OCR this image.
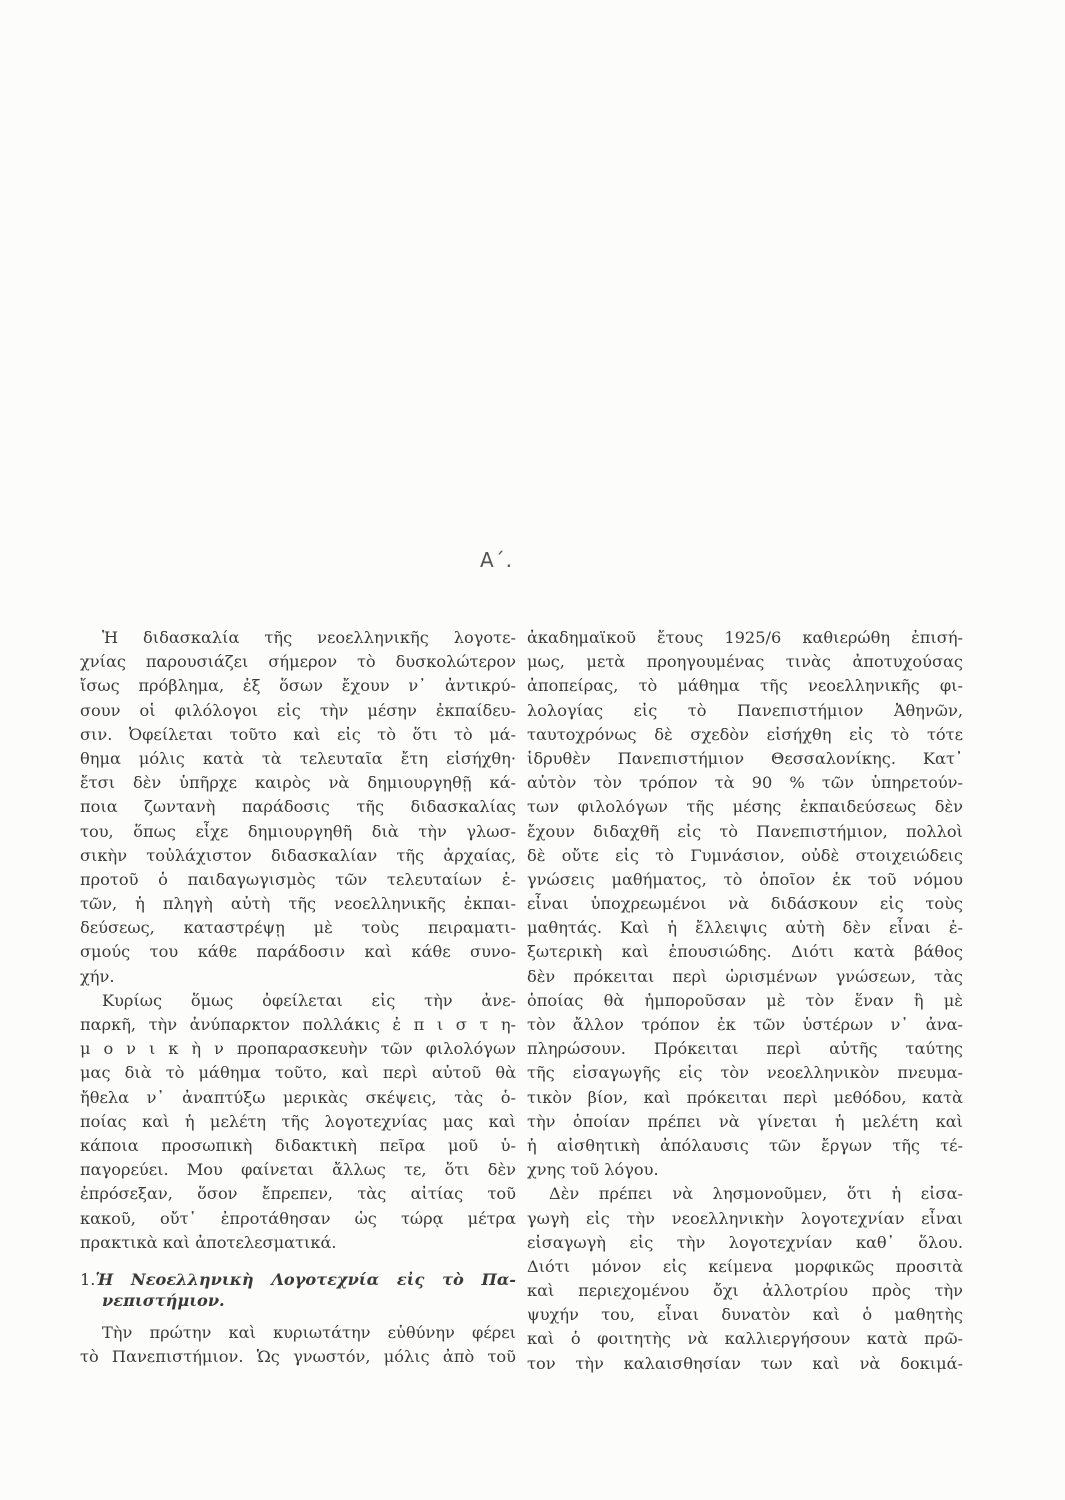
Α΄.
Ἡ διδασκαλία τῆς νεοελληνικῆς λογοτε-
χνίας παρουσιάζει σήμερον τὸ δυσκολώτερον
ἴσως πρόβλημα, ἐξ ὅσων ἔχουν ν᾽ ἀντικρύ-
σουν οἱ φιλόλογοι εἰς τὴν μέσην ἐκπαίδευ-
σιν. Ὀφείλεται τοῦτο καὶ εἰς τὸ ὅτι τὸ μά-
θημα μόλις κατὰ τὰ τελευταῖα ἔτη εἰσήχθη·
ἔτσι δὲν ὑπῆρχε καιρὸς νὰ δημιουργηθῇ κά-
ποια ζωντανὴ παράδοσις τῆς διδασκαλίας
του, ὅπως εἶχε δημιουργηθῆ διὰ τὴν γλωσ-
σικὴν τοὐλάχιστον διδασκαλίαν τῆς ἀρχαίας,
προτοῦ ὁ παιδαγωγισμὸς τῶν τελευταίων ἐ-
τῶν, ἡ πληγὴ αὐτὴ τῆς νεοελληνικῆς ἐκπαι-
δεύσεως, καταστρέψῃ μὲ τοὺς πειραματι-
σμούς του κάθε παράδοσιν καὶ κάθε συνο-
χήν.
Κυρίως ὅμως ὀφείλεται εἰς τὴν ἀνε-
παρκῆ, τὴν ἀνύπαρκτον πολλάκις ἐ π ι σ τ η-
μ ο ν ι κ ὴ ν προπαρασκευὴν τῶν φιλολόγων
μας διὰ τὸ μάθημα τοῦτο, καὶ περὶ αὐτοῦ θὰ
ἤθελα ν᾽ ἀναπτύξω μερικὰς σκέψεις, τὰς ὁ-
ποίας καὶ ἡ μελέτη τῆς λογοτεχνίας μας καὶ
κάποια προσωπικὴ διδακτικὴ πεῖρα μοῦ ὑ-
παγορεύει. Μου φαίνεται ἄλλως τε, ὅτι δὲν
ἐπρόσεξαν, ὅσον ἔπρεπεν, τὰς αἰτίας τοῦ
κακοῦ, οὔτ᾽ ἐπροτάθησαν ὡς τώρᾳ μέτρα
πρακτικὰ καὶ ἀποτελεσματικά.
1.Ἡ Νεοελληνικὴ Λογοτεχνία εἰς τὸ Πα-
νεπιστήμιον.
Τὴν πρώτην καὶ κυριωτάτην εὐθύνην φέρει
τὸ Πανεπιστήμιον. Ὡς γνωστόν, μόλις ἀπὸ τοῦ
ἀκαδημαϊκοῦ ἔτους 1925/6 καθιερώθη ἐπισή-
μως, μετὰ προηγουμένας τινὰς ἀποτυχούσας
ἀποπείρας, τὸ μάθημα τῆς νεοελληνικῆς φι-
λολογίας εἰς τὸ Πανεπιστήμιον Ἀθηνῶν,
ταυτοχρόνως δὲ σχεδὸν εἰσήχθη εἰς τὸ τότε
ἱδρυθὲν Πανεπιστήμιον Θεσσαλονίκης. Κατ᾽
αὐτὸν τὸν τρόπον τὰ 90 % τῶν ὑπηρετούν-
των φιλολόγων τῆς μέσης ἐκπαιδεύσεως δὲν
ἔχουν διδαχθῆ εἰς τὸ Πανεπιστήμιον, πολλοὶ
δὲ οὔτε εἰς τὸ Γυμνάσιον, οὐδὲ στοιχειώδεις
γνώσεις μαθήματος, τὸ ὁποῖον ἐκ τοῦ νόμου
εἶναι ὑποχρεωμένοι νὰ διδάσκουν εἰς τοὺς
μαθητάς. Καὶ ἡ ἔλλειψις αὐτὴ δὲν εἶναι ἐ-
ξωτερικὴ καὶ ἐπουσιώδης. Διότι κατὰ βάθος
δὲν πρόκειται περὶ ὡρισμένων γνώσεων, τὰς
ὁποίας θὰ ἠμποροῦσαν μὲ τὸν ἕναν ἢ μὲ
τὸν ἄλλον τρόπον ἐκ τῶν ὑστέρων ν᾽ ἀνα-
πληρώσουν. Πρόκειται περὶ αὐτῆς ταύτης
τῆς εἰσαγωγῆς εἰς τὸν νεοελληνικὸν πνευμα-
τικὸν βίον, καὶ πρόκειται περὶ μεθόδου, κατὰ
τὴν ὁποίαν πρέπει νὰ γίνεται ἡ μελέτη καὶ
ἡ αἰσθητικὴ ἀπόλαυσις τῶν ἔργων τῆς τέ-
χνης τοῦ λόγου.
Δὲν πρέπει νὰ λησμονοῦμεν, ὅτι ἡ εἰσα-
γωγὴ εἰς τὴν νεοελληνικὴν λογοτεχνίαν εἶναι
εἰσαγωγὴ εἰς τὴν λογοτεχνίαν καθ᾽ ὅλου.
Διότι μόνον εἰς κείμενα μορφικῶς προσιτὰ
καὶ περιεχομένου ὄχι ἀλλοτρίου πρὸς τὴν
ψυχήν του, εἶναι δυνατὸν καὶ ὁ μαθητὴς
καὶ ὁ φοιτητὴς νὰ καλλιεργήσουν κατὰ πρῶ-
τον τὴν καλαισθησίαν των καὶ νὰ δοκιμά-
